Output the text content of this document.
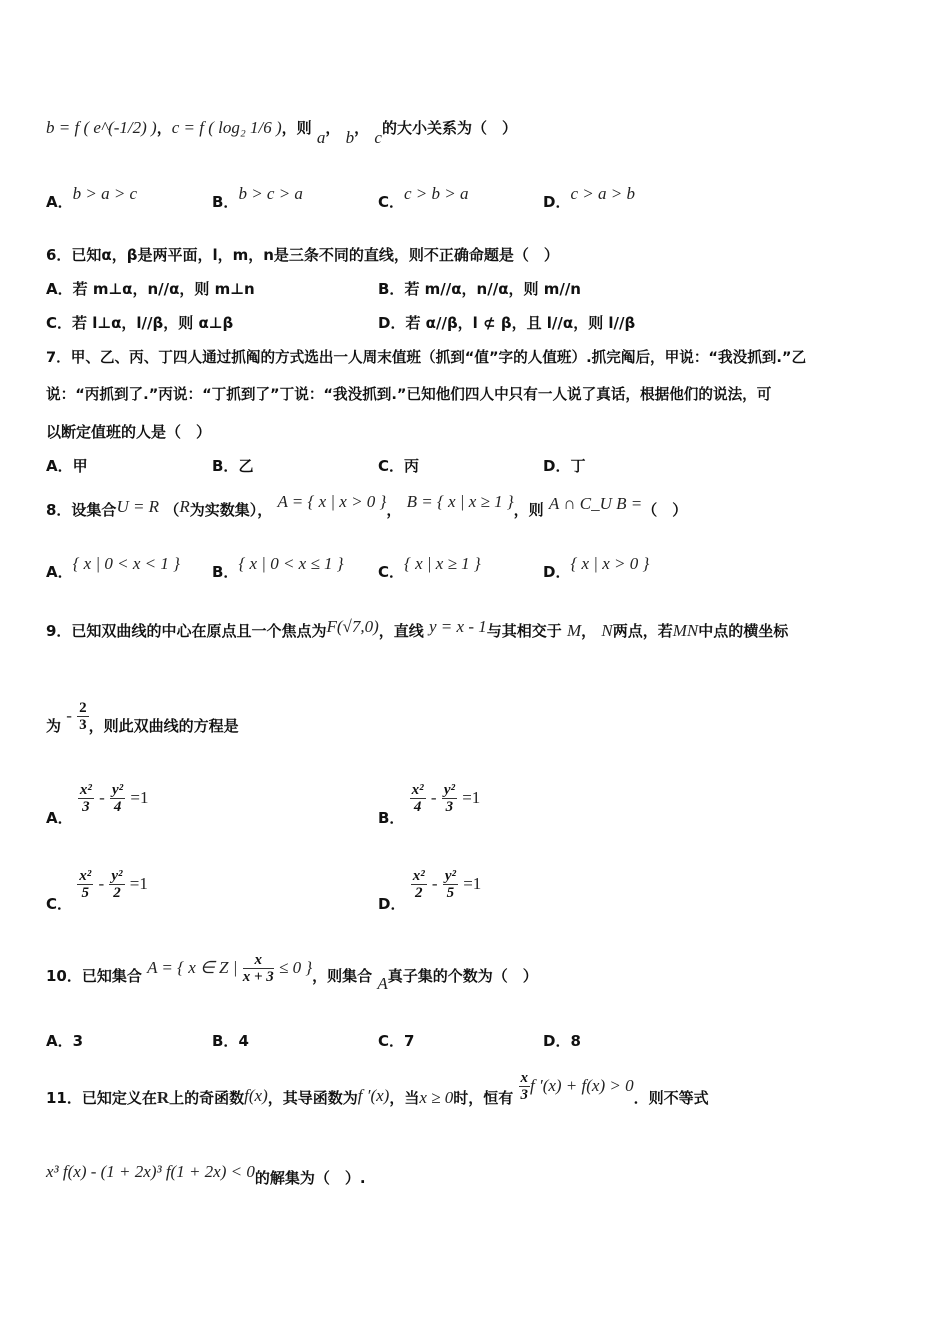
b = f ( e^(-1/2) )，c = f ( log₂ 1/6 )，则 a， b， c的大小关系为（　）
A．b > a > c	B．b > c > a	C．c > b > a	D．c > a > b
6．已知α，β是两平面，l，m，n是三条不同的直线，则不正确命题是（　）
A．若 m⊥α，n//α，则 m⊥n	B．若 m//α，n//α，则 m//n
C．若 l⊥α，l//β，则 α⊥β	D．若 α//β，l ⊄ β，且 l//α，则 l//β
7．甲、乙、丙、丁四人通过抓阄的方式选出一人周末值班（抓到“值”字的人值班）.抓完阄后，甲说：“我没抓到.”乙
说：“丙抓到了.”丙说：“丁抓到了”丁说：“我没抓到.”已知他们四人中只有一人说了真话，根据他们的说法，可
以断定值班的人是（　）
A．甲	B．乙	C．丙	D．丁
8．设集合U = R （R为实数集）， A = { x | x > 0 }， B = { x | x ≥ 1 }，则 A ∩ C_U B =（　）
A．{ x | 0 < x < 1 } B．{ x | 0 < x ≤ 1 } C．{ x | x ≥ 1 }	D．{ x | x > 0 }
9．已知双曲线的中心在原点且一个焦点为F(√7,0)，直线 y = x - 1与其相交于 M， N两点，若MN中点的横坐标
为 - $\frac{2}{3}$ ，则此双曲线的方程是
A．
$\frac{\text{x²}}{3} - \frac{\text{y²}}{4} =1$
B．
$\frac{\text{x²}}{4} - \frac{\text{y²}}{3} =1$
C．
$\frac{\text{x²}}{5} - \frac{\text{y²}}{2} =1$
D．
$\frac{\text{x²}}{2} - \frac{\text{y²}}{5} =1$
10．已知集合 A = { x ∈ Z | $\frac{x}{x + 3} \le 0$ }，则集合 A真子集的个数为（　）
A．3	B．4	C．7	D．8
11．已知定义在R上的奇函数f(x)，其导函数为f ′(x)，当x ≥ 0时，恒有 $\frac{x}{3}$ f ′(x) + f(x) > 0．则不等式
x³ f(x) - (1 + 2x)³ f(1 + 2x) < 0的解集为（　）.
